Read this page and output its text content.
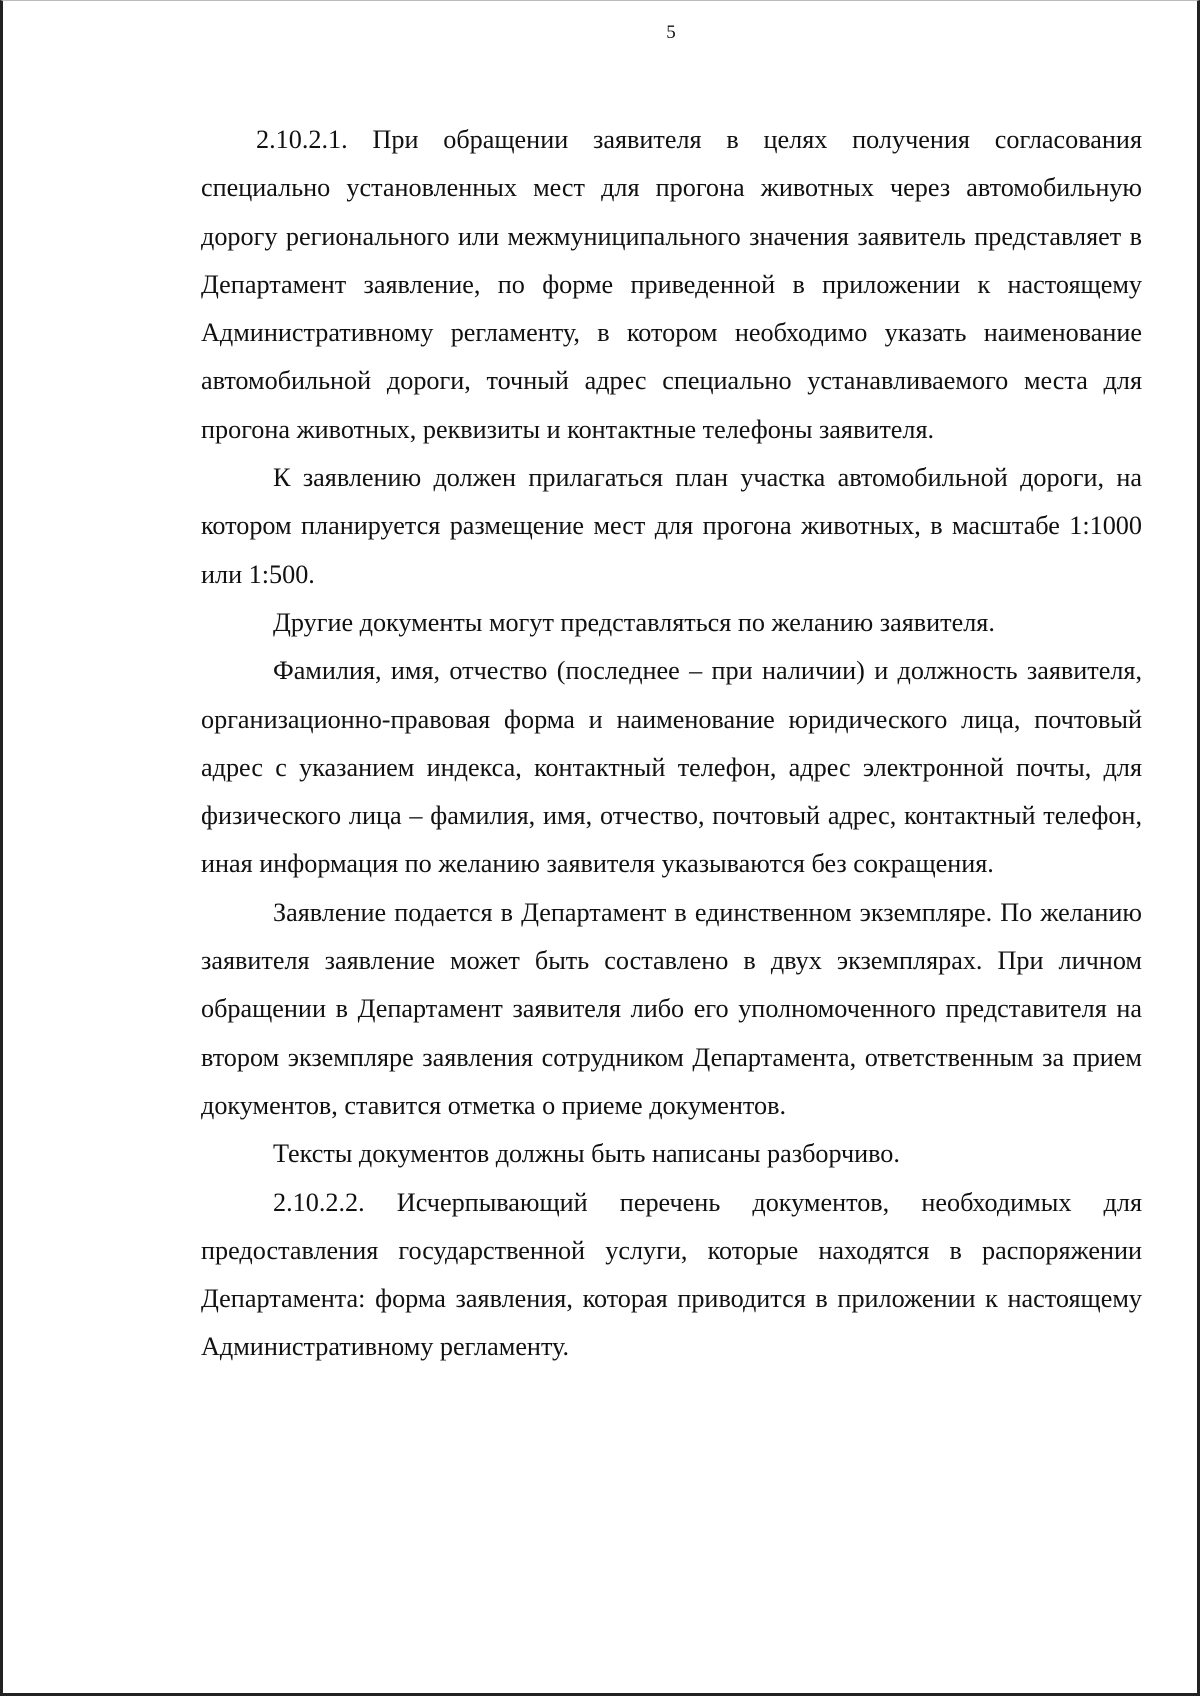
5

2.10.2.1. При обращении заявителя в целях получения согласования специально установленных мест для прогона животных через автомобильную дорогу регионального или межмуниципального значения заявитель представляет в Департамент заявление, по форме приведенной в приложении к настоящему Административному регламенту, в котором необходимо указать наименование автомобильной дороги, точный адрес специально устанавливаемого места для прогона животных, реквизиты и контактные телефоны заявителя.

К заявлению должен прилагаться план участка автомобильной дороги, на котором планируется размещение мест для прогона животных, в масштабе 1:1000 или 1:500.

Другие документы могут представляться по желанию заявителя.

Фамилия, имя, отчество (последнее – при наличии) и должность заявителя, организационно-правовая форма и наименование юридического лица, почтовый адрес с указанием индекса, контактный телефон, адрес электронной почты, для физического лица – фамилия, имя, отчество, почтовый адрес, контактный телефон, иная информация по желанию заявителя указываются без сокращения.

Заявление подается в Департамент в единственном экземпляре. По желанию заявителя заявление может быть составлено в двух экземплярах. При личном обращении в Департамент заявителя либо его уполномоченного представителя на втором экземпляре заявления сотрудником Департамента, ответственным за прием документов, ставится отметка о приеме документов.

Тексты документов должны быть написаны разборчиво.

2.10.2.2. Исчерпывающий перечень документов, необходимых для предоставления государственной услуги, которые находятся в распоряжении Департамента: форма заявления, которая приводится в приложении к настоящему Административному регламенту.
